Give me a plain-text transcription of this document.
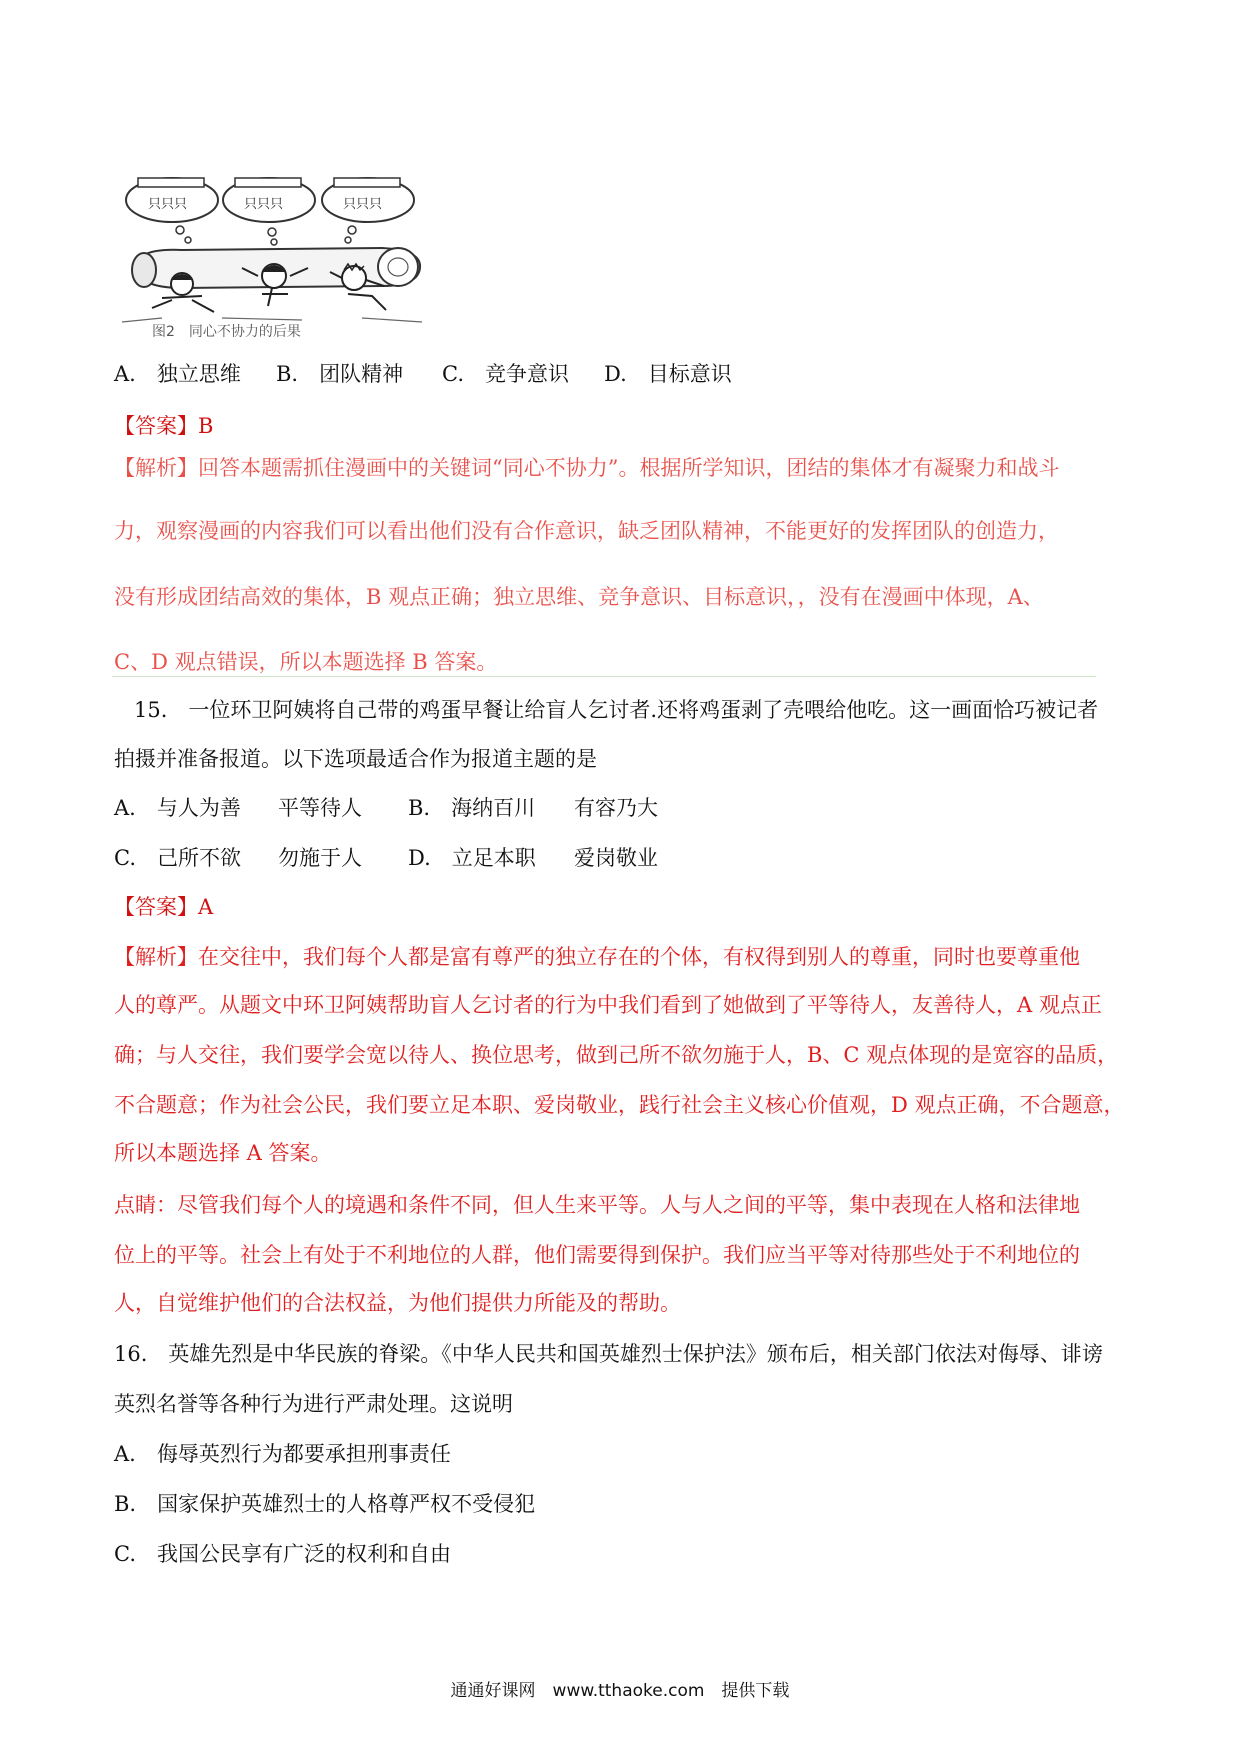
只只只	只只只	只只只
图2　同心不协力的后果
A.　 独立思维 B.　 团队精神 C.　 竞争意识 D.　 目标意识
【答案】B
【解析】回答本题需抓住漫画中的关键词“同心不协力”。根据所学知识，团结的集体才有凝聚力和战斗
力，观察漫画的内容我们可以看出他们没有合作意识，缺乏团队精神，不能更好的发挥团队的创造力，
没有形成团结高效的集体，B 观点正确；独立思维、竞争意识、目标意识，，没有在漫画中体现，A、
C、D 观点错误，所以本题选择 B 答案。
15.　一位环卫阿姨将自己带的鸡蛋早餐让给盲人乞讨者.还将鸡蛋剥了壳喂给他吃。这一画面恰巧被记者
拍摄并准备报道。以下选项最适合作为报道主题的是
A.　 与人为善 平等待人 B.　 海纳百川 有容乃大
C.　 己所不欲 勿施于人 D.　 立足本职 爱岗敬业
【答案】A
【解析】在交往中，我们每个人都是富有尊严的独立存在的个体，有权得到别人的尊重，同时也要尊重他
人的尊严。从题文中环卫阿姨帮助盲人乞讨者的行为中我们看到了她做到了平等待人，友善待人，A 观点正
确；与人交往，我们要学会宽以待人、换位思考，做到己所不欲勿施于人，B、C 观点体现的是宽容的品质，
不合题意；作为社会公民，我们要立足本职、爱岗敬业，践行社会主义核心价值观，D 观点正确，不合题意，
所以本题选择 A 答案。
点睛：尽管我们每个人的境遇和条件不同，但人生来平等。人与人之间的平等，集中表现在人格和法律地
位上的平等。社会上有处于不利地位的人群，他们需要得到保护。我们应当平等对待那些处于不利地位的
人，自觉维护他们的合法权益，为他们提供力所能及的帮助。
16.　英雄先烈是中华民族的脊梁。《中华人民共和国英雄烈士保护法》颁布后，相关部门依法对侮辱、诽谤
英烈名誉等各种行为进行严肃处理。这说明
A.　 侮辱英烈行为都要承担刑事责任
B.　 国家保护英雄烈士的人格尊严权不受侵犯
C.　 我国公民享有广泛的权利和自由
通通好课网　www.tthaoke.com　提供下载
